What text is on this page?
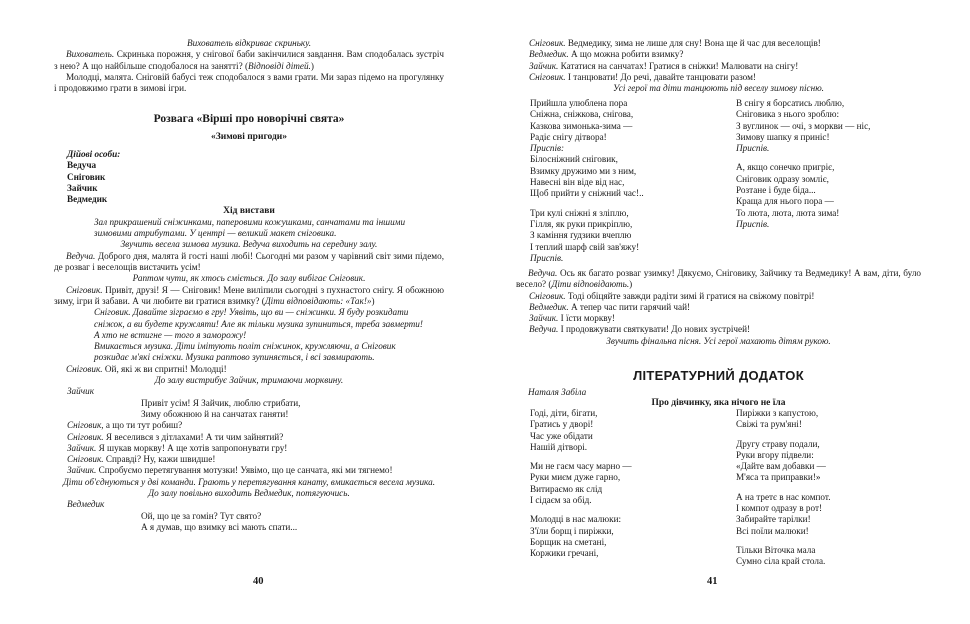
Вихователь відкриває скриньку.
Вихователь. Скринька порожня, у снігової баби закінчилися завдання. Вам сподобалась зустріч з нею? А що найбільше сподобалося на занятті? (Відповіді дітей.)
Молодці, малята. Сніговій бабусі теж сподобалося з вами грати. Ми зараз підемо на прогулянку і продовжимо грати в зимові ігри.
Розвага «Вірші про новорічні свята»
«Зимові пригоди»
Дійові особи:
Ведуча
Сніговик
Зайчик
Ведмедик
Хід вистави
Зал прикрашений сніжинками, паперовими кожушками, санчатами та іншими зимовими атрибутами. У центрі — великий макет сніговика.
Звучить весела зимова музика. Ведуча виходить на середину залу.
Ведуча. Доброго дня, малята й гості наші любі! Сьогодні ми разом у чарівний світ зими підемо, де розваг і веселощів вистачить усім!
Раптом чути, як хтось сміється. До залу вибігає Сніговик.
Сніговик. Привіт, друзі! Я — Сніговик! Мене виліпили сьогодні з пухнастого снігу. Я обожнюю зиму, ігри й забави. А чи любите ви гратися взимку? (Діти відповідають: «Так!»)
Сніговик. Давайте зіграємо в гру! Уявіть, що ви — сніжинки. Я буду розкидати сніжок, а ви будете кружляти! Але як тільки музика зупиниться, треба завмерти! А хто не встигне — того я заморожу!
Вмикається музика. Діти імітують політ сніжинок, кружляючи, а Сніговик розкидає м'які сніжки. Музика раптово зупиняється, і всі завмирають.
Сніговик. Ой, які ж ви спритні! Молодці!
До залу вистрибує Зайчик, тримаючи морквину.
Зайчик
Привіт усім! Я Зайчик, люблю стрибати,
Зиму обожнюю й на санчатах ганяти!
Сніговик, а що ти тут робиш?
Сніговик. Я веселився з дітлахами! А ти чим зайнятий?
Зайчик. Я шукав моркву! А ще хотів запропонувати гру!
Сніговик. Справді? Ну, кажи швидше!
Зайчик. Спробуємо перетягування мотузки! Уявімо, що це санчата, які ми тягнемо!
Діти об'єднуються у дві команди. Грають у перетягування канату, вмикається весела музика.
До залу повільно виходить Ведмедик, потягуючись.
Ведмедик
Ой, що це за гомін? Тут свято?
А я думав, що взимку всі мають спати...
40
Сніговик. Ведмедику, зима не лише для сну! Вона ще й час для веселощів!
Ведмедик. А що можна робити взимку?
Зайчик. Кататися на санчатах! Гратися в сніжки! Малювати на снігу!
Сніговик. І танцювати! До речі, давайте танцювати разом!
Усі герої та діти танцюють під веселу зимову пісню.
Прийшла улюблена пора
Сніжна, сніжкова, снігова,
Казкова зимонька-зима —
Радіє снігу дітвора!
Приспів:
Білосніжний сніговик,
Взимку дружимо ми з ним,
Навесні він віде від нас,
Щоб прийти у сніжний час!..
Три кулі сніжні я зліплю,
Гілля, як руки прикріплю,
З каміння ґудзики вчеплю
І теплий шарф свій зав'яжу!
Приспів.
В снігу я борсатись люблю,
Сніговика з нього зроблю:
З вуглинок — очі, з моркви — ніс,
Зимову шапку я приніс!
Приспів.
А, якщо сонечко пригріє,
Сніговик одразу зомліє,
Розтане і буде біда...
Краща для нього пора —
То люта, люта, люта зима!
Приспів.
Ведуча. Ось як багато розваг узимку! Дякуємо, Сніговику, Зайчику та Ведмедику! А вам, діти, було весело? (Діти відповідають.)
Сніговик. Тоді обіцяйте завжди радіти зимі й гратися на свіжому повітрі!
Ведмедик. А тепер час пити гарячий чай!
Зайчик. І їсти моркву!
Ведуча. І продовжувати святкувати! До нових зустрічей!
Звучить фінальна пісня. Усі герої махають дітям рукою.
ЛІТЕРАТУРНИЙ ДОДАТОК
Наталя Забіла
Про дівчинку, яка нічого не їла
Годі, діти, бігати,
Гратись у дворі!
Час уже обідати
Нашій дітворі.
Ми не гаєм часу марно —
Руки миєм дуже гарно,
Витираємо як слід
І сідаєм за обід.
Молодці в нас малюки:
З'їли борщ і пиріжки,
Борщик на сметані,
Коржики гречані,
Пиріжки з капустою,
Свіжі та рум'яні!
Другу страву подали,
Руки вгору підвели:
«Дайте вам добавки —
М'яса та приправки!»
А на третє в нас компот.
І компот одразу в рот!
Забирайте тарілки!
Всі поїли малюки!
Тільки Віточка мала
Сумно сіла край стола.
41
